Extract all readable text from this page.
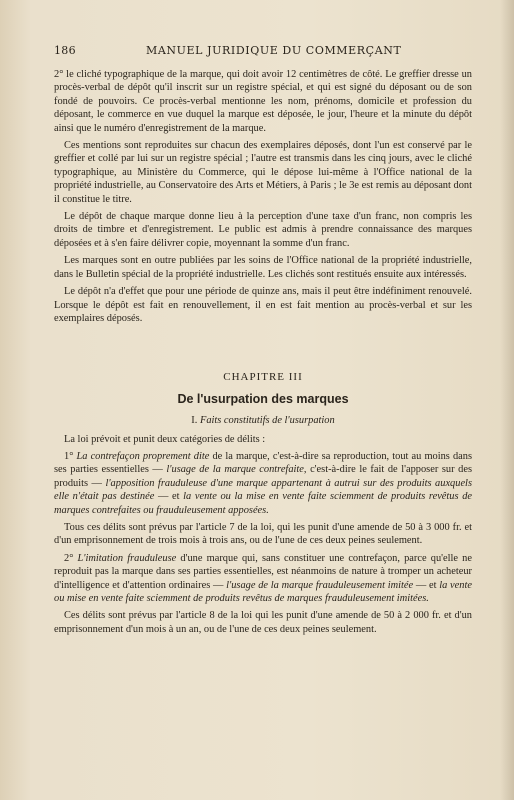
186	MANUEL JURIDIQUE DU COMMERÇANT

2° le cliché typographique de la marque, qui doit avoir 12 centimètres de côté. Le greffier dresse un procès-verbal de dépôt qu'il inscrit sur un registre spécial, et qui est signé du déposant ou de son fondé de pouvoirs. Ce procès-verbal mentionne les nom, prénoms, domicile et profession du déposant, le commerce en vue duquel la marque est déposée, le jour, l'heure et la minute du dépôt ainsi que le numéro d'enregistrement de la marque.

Ces mentions sont reproduites sur chacun des exemplaires déposés, dont l'un est conservé par le greffier et collé par lui sur un registre spécial ; l'autre est transmis dans les cinq jours, avec le cliché typographique, au Ministère du Commerce, qui le dépose lui-même à l'Office national de la propriété industrielle, au Conservatoire des Arts et Métiers, à Paris ; le 3e est remis au déposant dont il constitue le titre.

Le dépôt de chaque marque donne lieu à la perception d'une taxe d'un franc, non compris les droits de timbre et d'enregistrement. Le public est admis à prendre connaissance des marques déposées et à s'en faire délivrer copie, moyennant la somme d'un franc.

Les marques sont en outre publiées par les soins de l'Office national de la propriété industrielle, dans le Bulletin spécial de la propriété industrielle. Les clichés sont restitués ensuite aux intéressés.

Le dépôt n'a d'effet que pour une période de quinze ans, mais il peut être indéfiniment renouvelé. Lorsque le dépôt est fait en renouvellement, il en est fait mention au procès-verbal et sur les exemplaires déposés.

CHAPITRE III
De l'usurpation des marques
I. Faits constitutifs de l'usurpation

La loi prévoit et punit deux catégories de délits :

1° La contrefaçon proprement dite de la marque, c'est-à-dire sa reproduction, tout au moins dans ses parties essentielles — l'usage de la marque contrefaite, c'est-à-dire le fait de l'apposer sur des produits — l'apposition frauduleuse d'une marque appartenant à autrui sur des produits auxquels elle n'était pas destinée — et la vente ou la mise en vente faite sciemment de produits revêtus de marques contrefaites ou frauduleusement apposées.

Tous ces délits sont prévus par l'article 7 de la loi, qui les punit d'une amende de 50 à 3 000 fr. et d'un emprisonnement de trois mois à trois ans, ou de l'une de ces deux peines seulement.

2° L'imitation frauduleuse d'une marque qui, sans constituer une contrefaçon, parce qu'elle ne reproduit pas la marque dans ses parties essentielles, est néanmoins de nature à tromper un acheteur d'intelligence et d'attention ordinaires — l'usage de la marque frauduleusement imitée — et la vente ou mise en vente faite sciemment de produits revêtus de marques frauduleusement imitées.

Ces délits sont prévus par l'article 8 de la loi qui les punit d'une amende de 50 à 2 000 fr. et d'un emprisonnement d'un mois à un an, ou de l'une de ces deux peines seulement.
